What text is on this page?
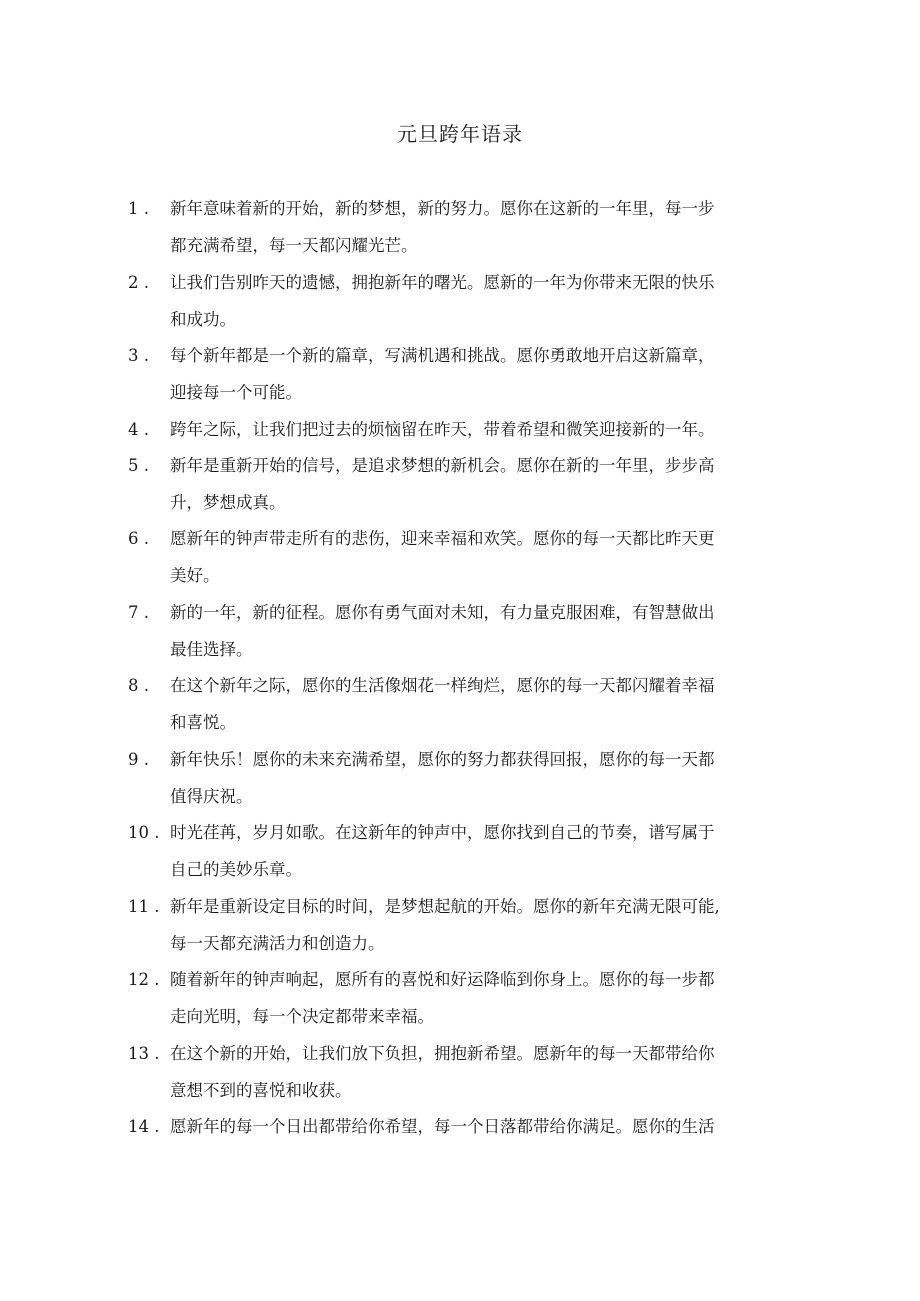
元旦跨年语录
1 .	新年意味着新的开始，新的梦想，新的努力。愿你在这新的一年里，每一步
都充满希望，每一天都闪耀光芒。
2 .	让我们告别昨天的遗憾，拥抱新年的曙光。愿新的一年为你带来无限的快乐
和成功。
3 .	每个新年都是一个新的篇章，写满机遇和挑战。愿你勇敢地开启这新篇章，
迎接每一个可能。
4 .	跨年之际，让我们把过去的烦恼留在昨天，带着希望和微笑迎接新的一年。
5 .	新年是重新开始的信号，是追求梦想的新机会。愿你在新的一年里，步步高
升，梦想成真。
6 .	愿新年的钟声带走所有的悲伤，迎来幸福和欢笑。愿你的每一天都比昨天更
美好。
7 .	新的一年，新的征程。愿你有勇气面对未知，有力量克服困难，有智慧做出
最佳选择。
8 .	在这个新年之际，愿你的生活像烟花一样绚烂，愿你的每一天都闪耀着幸福
和喜悦。
9 .	新年快乐！愿你的未来充满希望，愿你的努力都获得回报，愿你的每一天都
值得庆祝。
10 . 时光荏苒，岁月如歌。在这新年的钟声中，愿你找到自己的节奏，谱写属于
自己的美妙乐章。
11 . 新年是重新设定目标的时间，是梦想起航的开始。愿你的新年充满无限可能,
每一天都充满活力和创造力。
12 . 随着新年的钟声响起，愿所有的喜悦和好运降临到你身上。愿你的每一步都
走向光明，每一个决定都带来幸福。
13 . 在这个新的开始，让我们放下负担，拥抱新希望。愿新年的每一天都带给你
意想不到的喜悦和收获。
14 . 愿新年的每一个日出都带给你希望，每一个日落都带给你满足。愿你的生活
